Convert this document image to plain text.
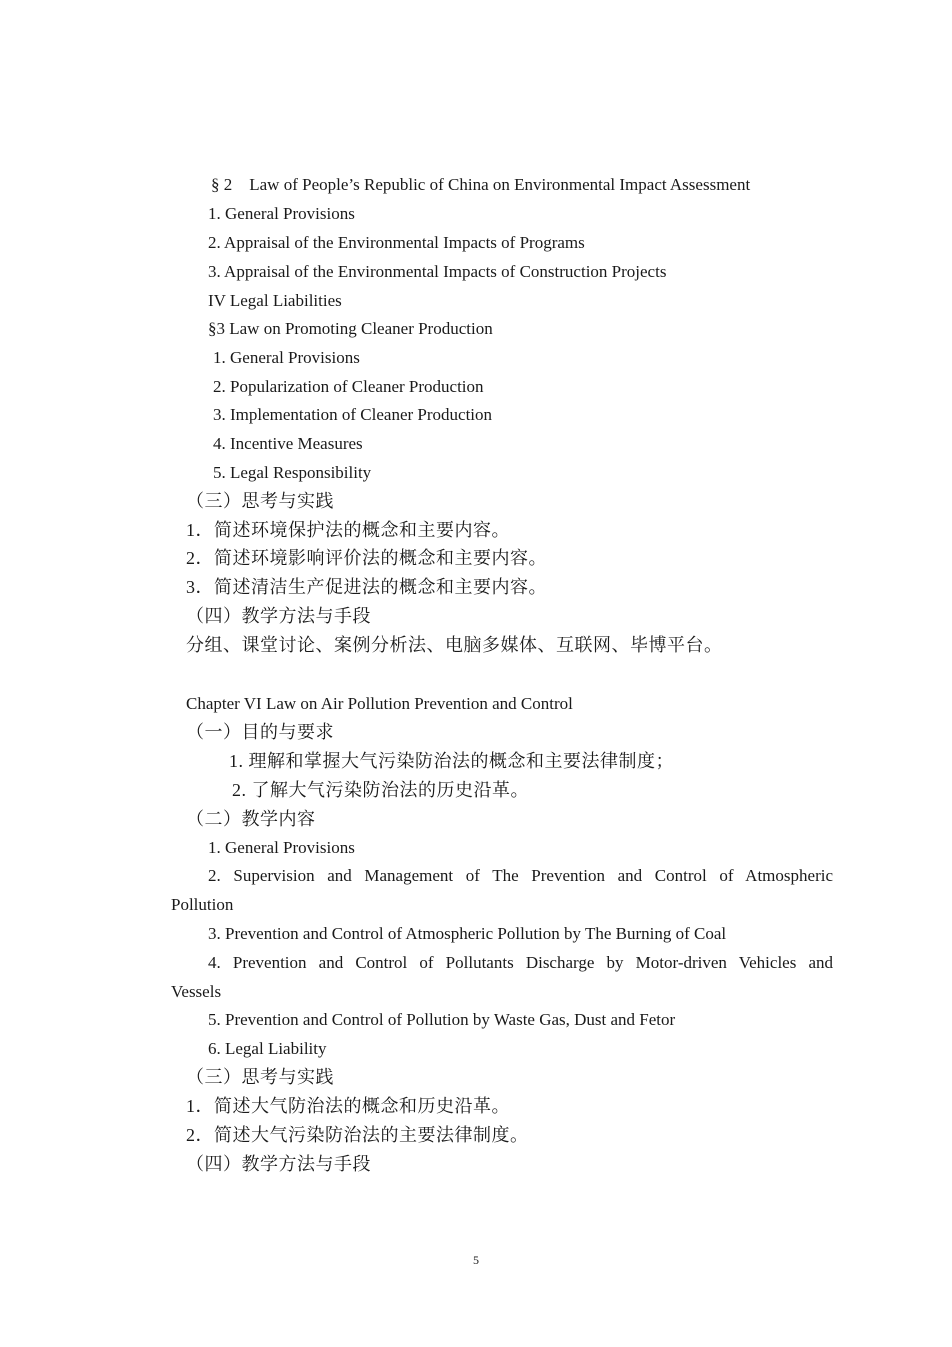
§ 2 Law of People’s Republic of China on Environmental Impact Assessment
1. General Provisions
2. Appraisal of the Environmental Impacts of Programs
3. Appraisal of the Environmental Impacts of Construction Projects
IV Legal Liabilities
§3 Law on Promoting Cleaner Production
1. General Provisions
2. Popularization of Cleaner Production
3. Implementation of Cleaner Production
4. Incentive Measures
5. Legal Responsibility
（三）思考与实践
1．简述环境保护法的概念和主要内容。
2．简述环境影响评价法的概念和主要内容。
3．简述清洁生产促进法的概念和主要内容。
（四）教学方法与手段
分组、课堂讨论、案例分析法、电脑多媒体、互联网、毕博平台。
Chapter VI Law on Air Pollution Prevention and Control
（一）目的与要求
1. 理解和掌握大气污染防治法的概念和主要法律制度；
2. 了解大气污染防治法的历史沿革。
（二）教学内容
1. General Provisions
2. Supervision and Management of The Prevention and Control of Atmospheric
Pollution
3. Prevention and Control of Atmospheric Pollution by The Burning of Coal
4. Prevention and Control of Pollutants Discharge by Motor-driven Vehicles and
Vessels
5. Prevention and Control of Pollution by Waste Gas, Dust and Fetor
6. Legal Liability
（三）思考与实践
1．简述大气防治法的概念和历史沿革。
2．简述大气污染防治法的主要法律制度。
（四）教学方法与手段
5
